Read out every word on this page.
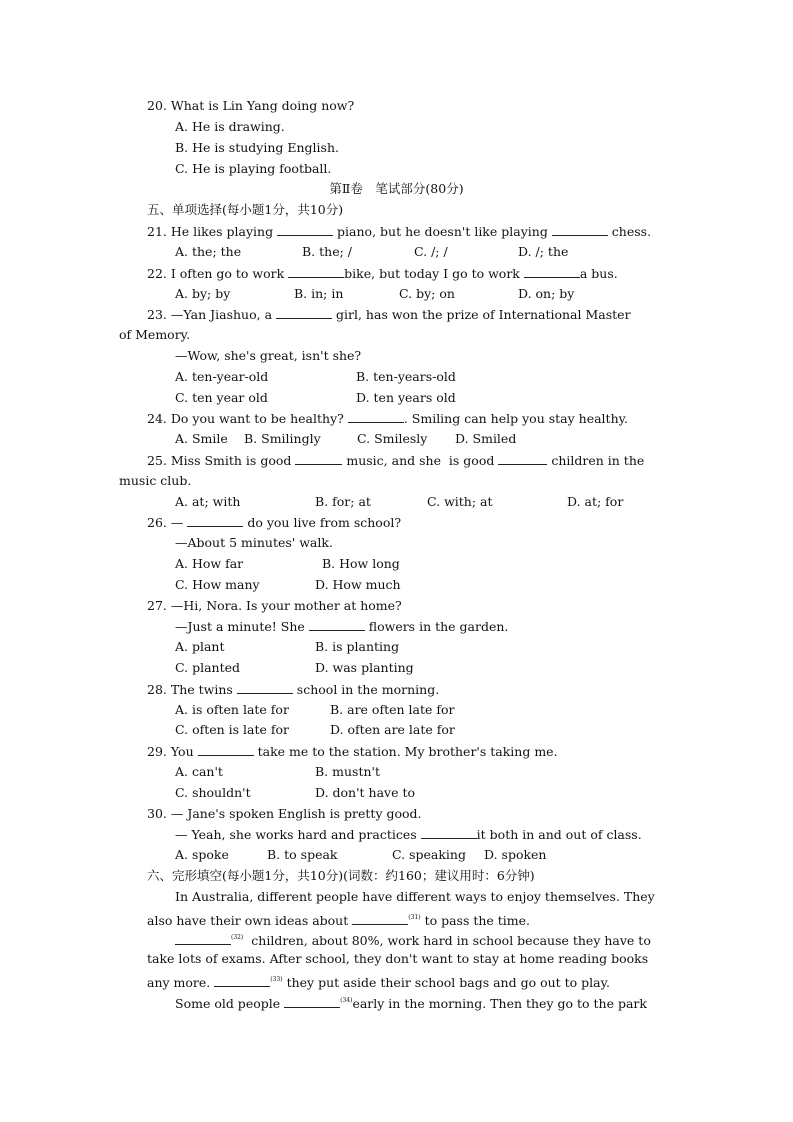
20. What is Lin Yang doing now?
A. He is drawing.
B. He is studying English.
C. He is playing football.
第Ⅱ卷　笔试部分(80分)
五、单项选择(每小题1分，共10分)
21. He likes playing	piano, but he doesn't like playing	chess.
A. the; the	B. the; /	C. /; /	D. /; the
22. I often go to work	bike, but today I go to work	a bus.
A. by; by	B. in; in	C. by; on	D. on; by
23. —Yan Jiashuo, a	girl, has won the prize of International Master
of Memory.
—Wow, she's great, isn't she?
A. ten-year-old	B. ten-years-old
C. ten year old	D. ten years old
24. Do you want to be healthy?	. Smiling can help you stay healthy.
A. Smile B. Smilingly	C. Smilesly D. Smiled
25. Miss Smith is good	music, and she  is good	children in the
music club.
A. at; with	B. for; at	C. with; at	D. at; for
26. —	do you live from school?
—About 5 minutes' walk.
A. How far	B. How long
C. How many	D. How much
27. —Hi, Nora. Is your mother at home?
—Just a minute! She	flowers in the garden.
A. plant	B. is planting
C. planted	D. was planting
28. The twins	school in the morning.
A. is often late for	B. are often late for
C. often is late for	D. often are late for
29. You	take me to the station. My brother's taking me.
A. can't	B. mustn't
C. shouldn't	D. don't have to
30. — Jane's spoken English is pretty good.
— Yeah, she works hard and practices	it both in and out of class.
A. spoke	B. to speak	C. speaking D. spoken
六、完形填空(每小题1分，共10分)(词数：约160；建议用时：6分钟)
In Australia, different people have different ways to enjoy themselves. They
also have their own ideas about	$^{(31)}$ to pass the time.
$^{(32)}$ children, about 80%, work hard in school because they have to
take lots of exams. After school, they don't want to stay at home reading books
any more.	$^{(33)}$ they put aside their school bags and go out to play.
Some old people	$^{(34)}$early in the morning. Then they go to the park
